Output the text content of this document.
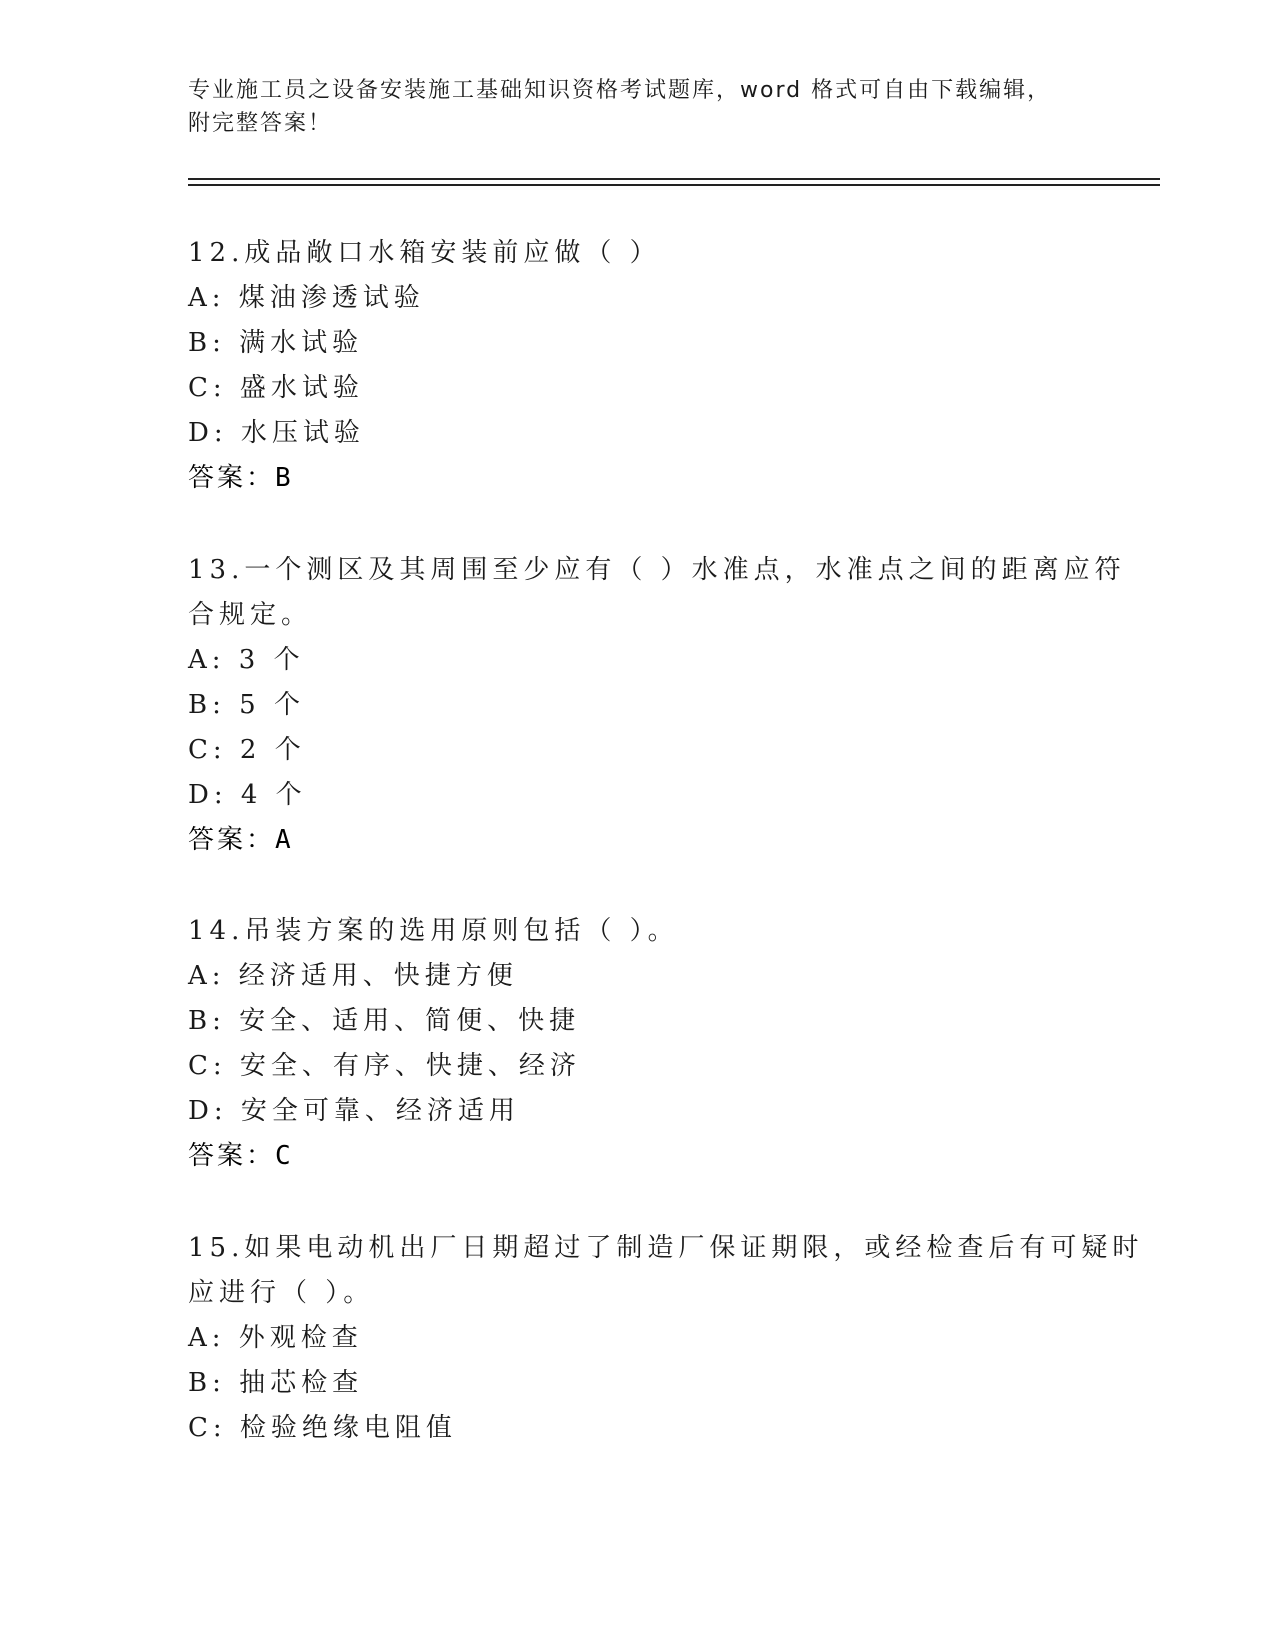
专业施工员之设备安装施工基础知识资格考试题库，word 格式可自由下载编辑，
附完整答案！
12.成品敞口水箱安装前应做（ ）
A: 煤油渗透试验
B: 满水试验
C: 盛水试验
D: 水压试验
答案：B
13.一个测区及其周围至少应有（ ）水准点，水准点之间的距离应符
合规定。
A: 3 个
B: 5 个
C: 2 个
D: 4 个
答案：A
14.吊装方案的选用原则包括（ ）。
A: 经济适用、快捷方便
B: 安全、适用、简便、快捷
C: 安全、有序、快捷、经济
D: 安全可靠、经济适用
答案：C
15.如果电动机出厂日期超过了制造厂保证期限，或经检查后有可疑时
应进行（ ）。
A: 外观检查
B: 抽芯检查
C: 检验绝缘电阻值
